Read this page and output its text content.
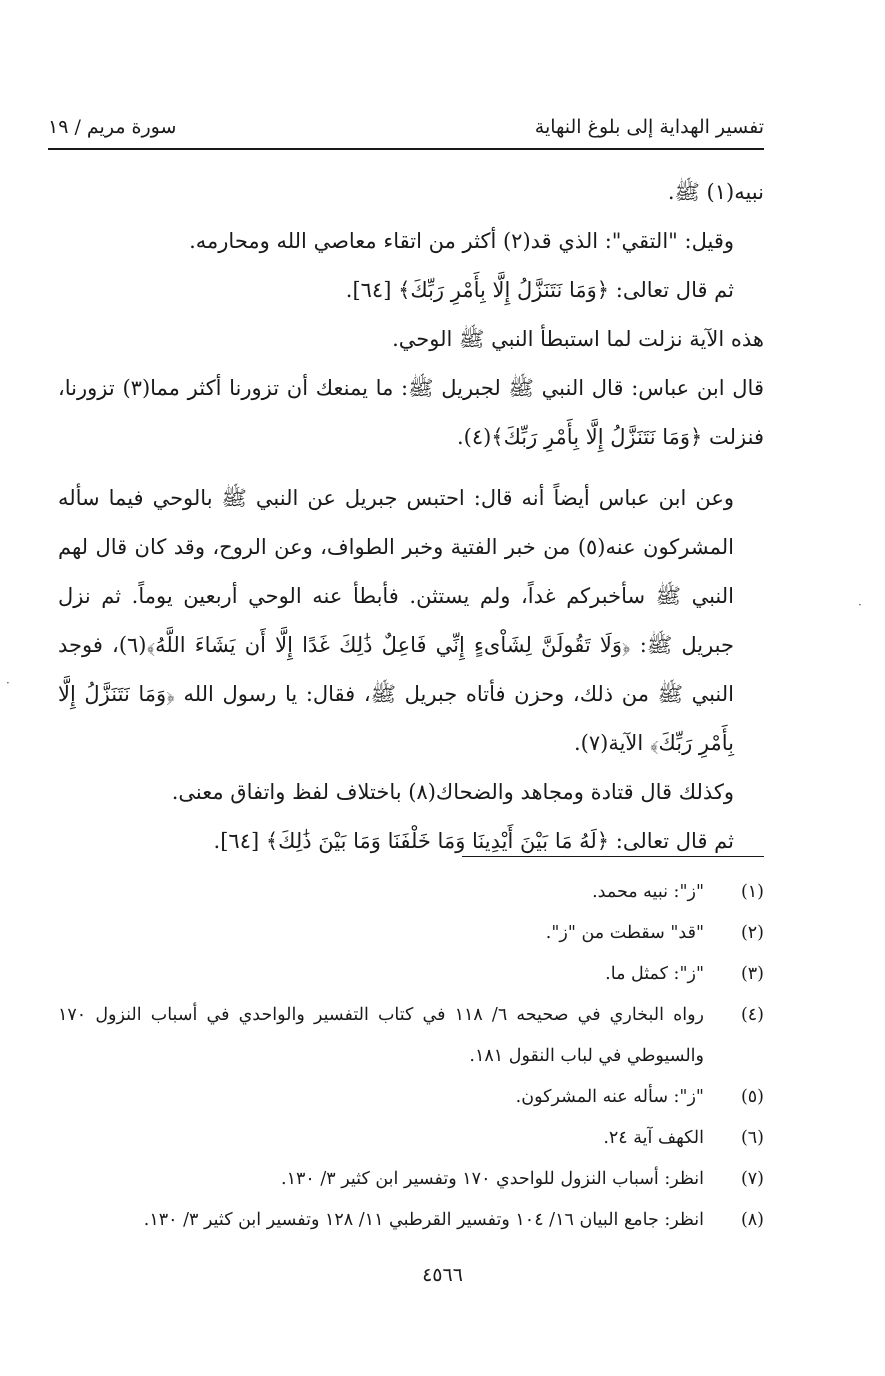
تفسير الهداية إلى بلوغ النهاية
سورة مريم / ١٩

نبيه(١) ﷺ.

وقيل: "التقي": الذي قد(٢) أكثر من اتقاء معاصي الله ومحارمه.

ثم قال تعالى: ﴿وَمَا نَتَنَزَّلُ إِلَّا بِأَمْرِ رَبِّكَ﴾ [٦٤].

هذه الآية نزلت لما استبطأ النبي ﷺ الوحي.

قال ابن عباس: قال النبي ﷺ لجبريل ﷺ: ما يمنعك أن تزورنا أكثر مما(٣) تزورنا، فنزلت ﴿وَمَا نَتَنَزَّلُ إِلَّا بِأَمْرِ رَبِّكَ﴾(٤).

وعن ابن عباس أيضاً أنه قال: احتبس جبريل عن النبي ﷺ بالوحي فيما سأله المشركون عنه(٥) من خبر الفتية وخبر الطواف، وعن الروح، وقد كان قال لهم النبي ﷺ سأخبركم غداً، ولم يستثن. فأبطأ عنه الوحي أربعين يوماً. ثم نزل جبريل ﷺ: ﴿وَلَا تَقُولَنَّ لِشَاْىءٍ إِنِّي فَاعِلٌ ذَٰلِكَ غَدًا إِلَّا أَن يَشَاءَ اللَّهُ﴾(٦)، فوجد النبي ﷺ من ذلك، وحزن فأتاه جبريل ﷺ، فقال: يا رسول الله ﴿وَمَا نَتَنَزَّلُ إِلَّا بِأَمْرِ رَبِّكَ﴾ الآية(٧).

وكذلك قال قتادة ومجاهد والضحاك(٨) باختلاف لفظ واتفاق معنى.

ثم قال تعالى: ﴿لَهُ مَا بَيْنَ أَيْدِينَا وَمَا خَلْفَنَا وَمَا بَيْنَ ذَٰلِكَ﴾ [٦٤].

(١)
"ز": نبيه محمد.
(٢)
"قد" سقطت من "ز".
(٣)
"ز": كمثل ما.
(٤)
رواه البخاري في صحيحه ٦/ ١١٨ في كتاب التفسير والواحدي في أسباب النزول ١٧٠ والسيوطي في لباب النقول ١٨١.
(٥)
"ز": سأله عنه المشركون.
(٦)
الكهف آية ٢٤.
(٧)
انظر: أسباب النزول للواحدي ١٧٠ وتفسير ابن كثير ٣/ ١٣٠.
(٨)
انظر: جامع البيان ١٦/ ١٠٤ وتفسير القرطبي ١١/ ١٢٨ وتفسير ابن كثير ٣/ ١٣٠.
٤٥٦٦
·
·
